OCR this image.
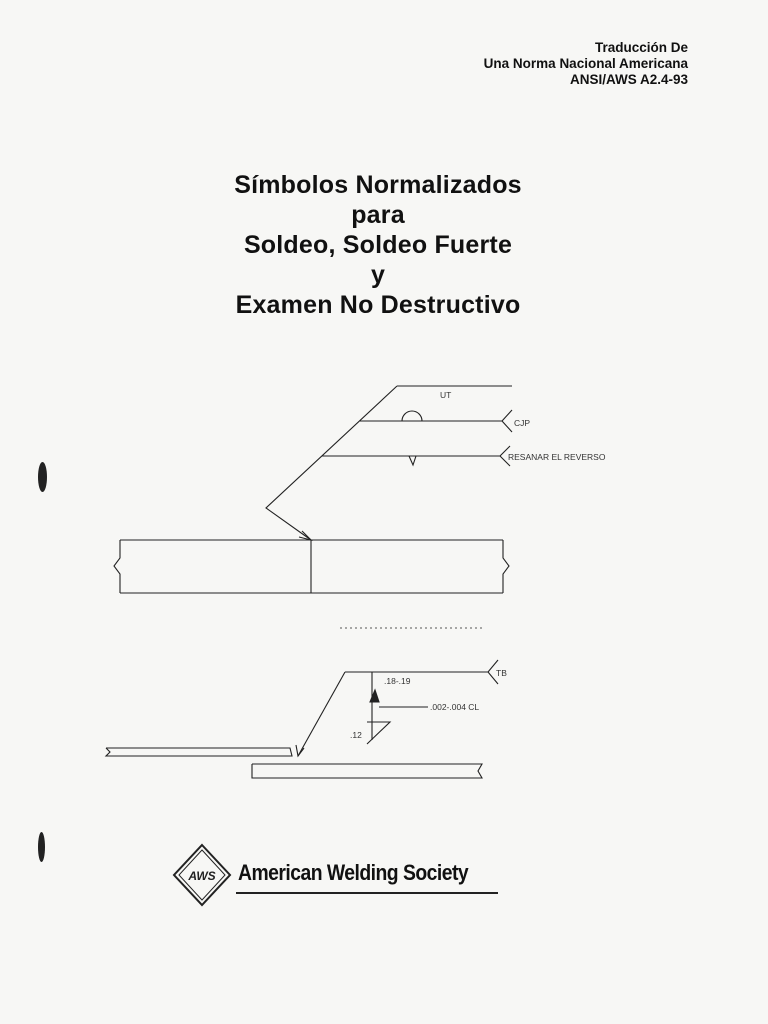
Traducción De
Una Norma Nacional Americana
ANSI/AWS A2.4-93
Símbolos Normalizados
para
Soldeo, Soldeo Fuerte
y
Examen No Destructivo
UT
CJP
RESANAR EL REVERSO
TB
.18-.19
.002-.004 CL
.12
AWS American Welding Society
